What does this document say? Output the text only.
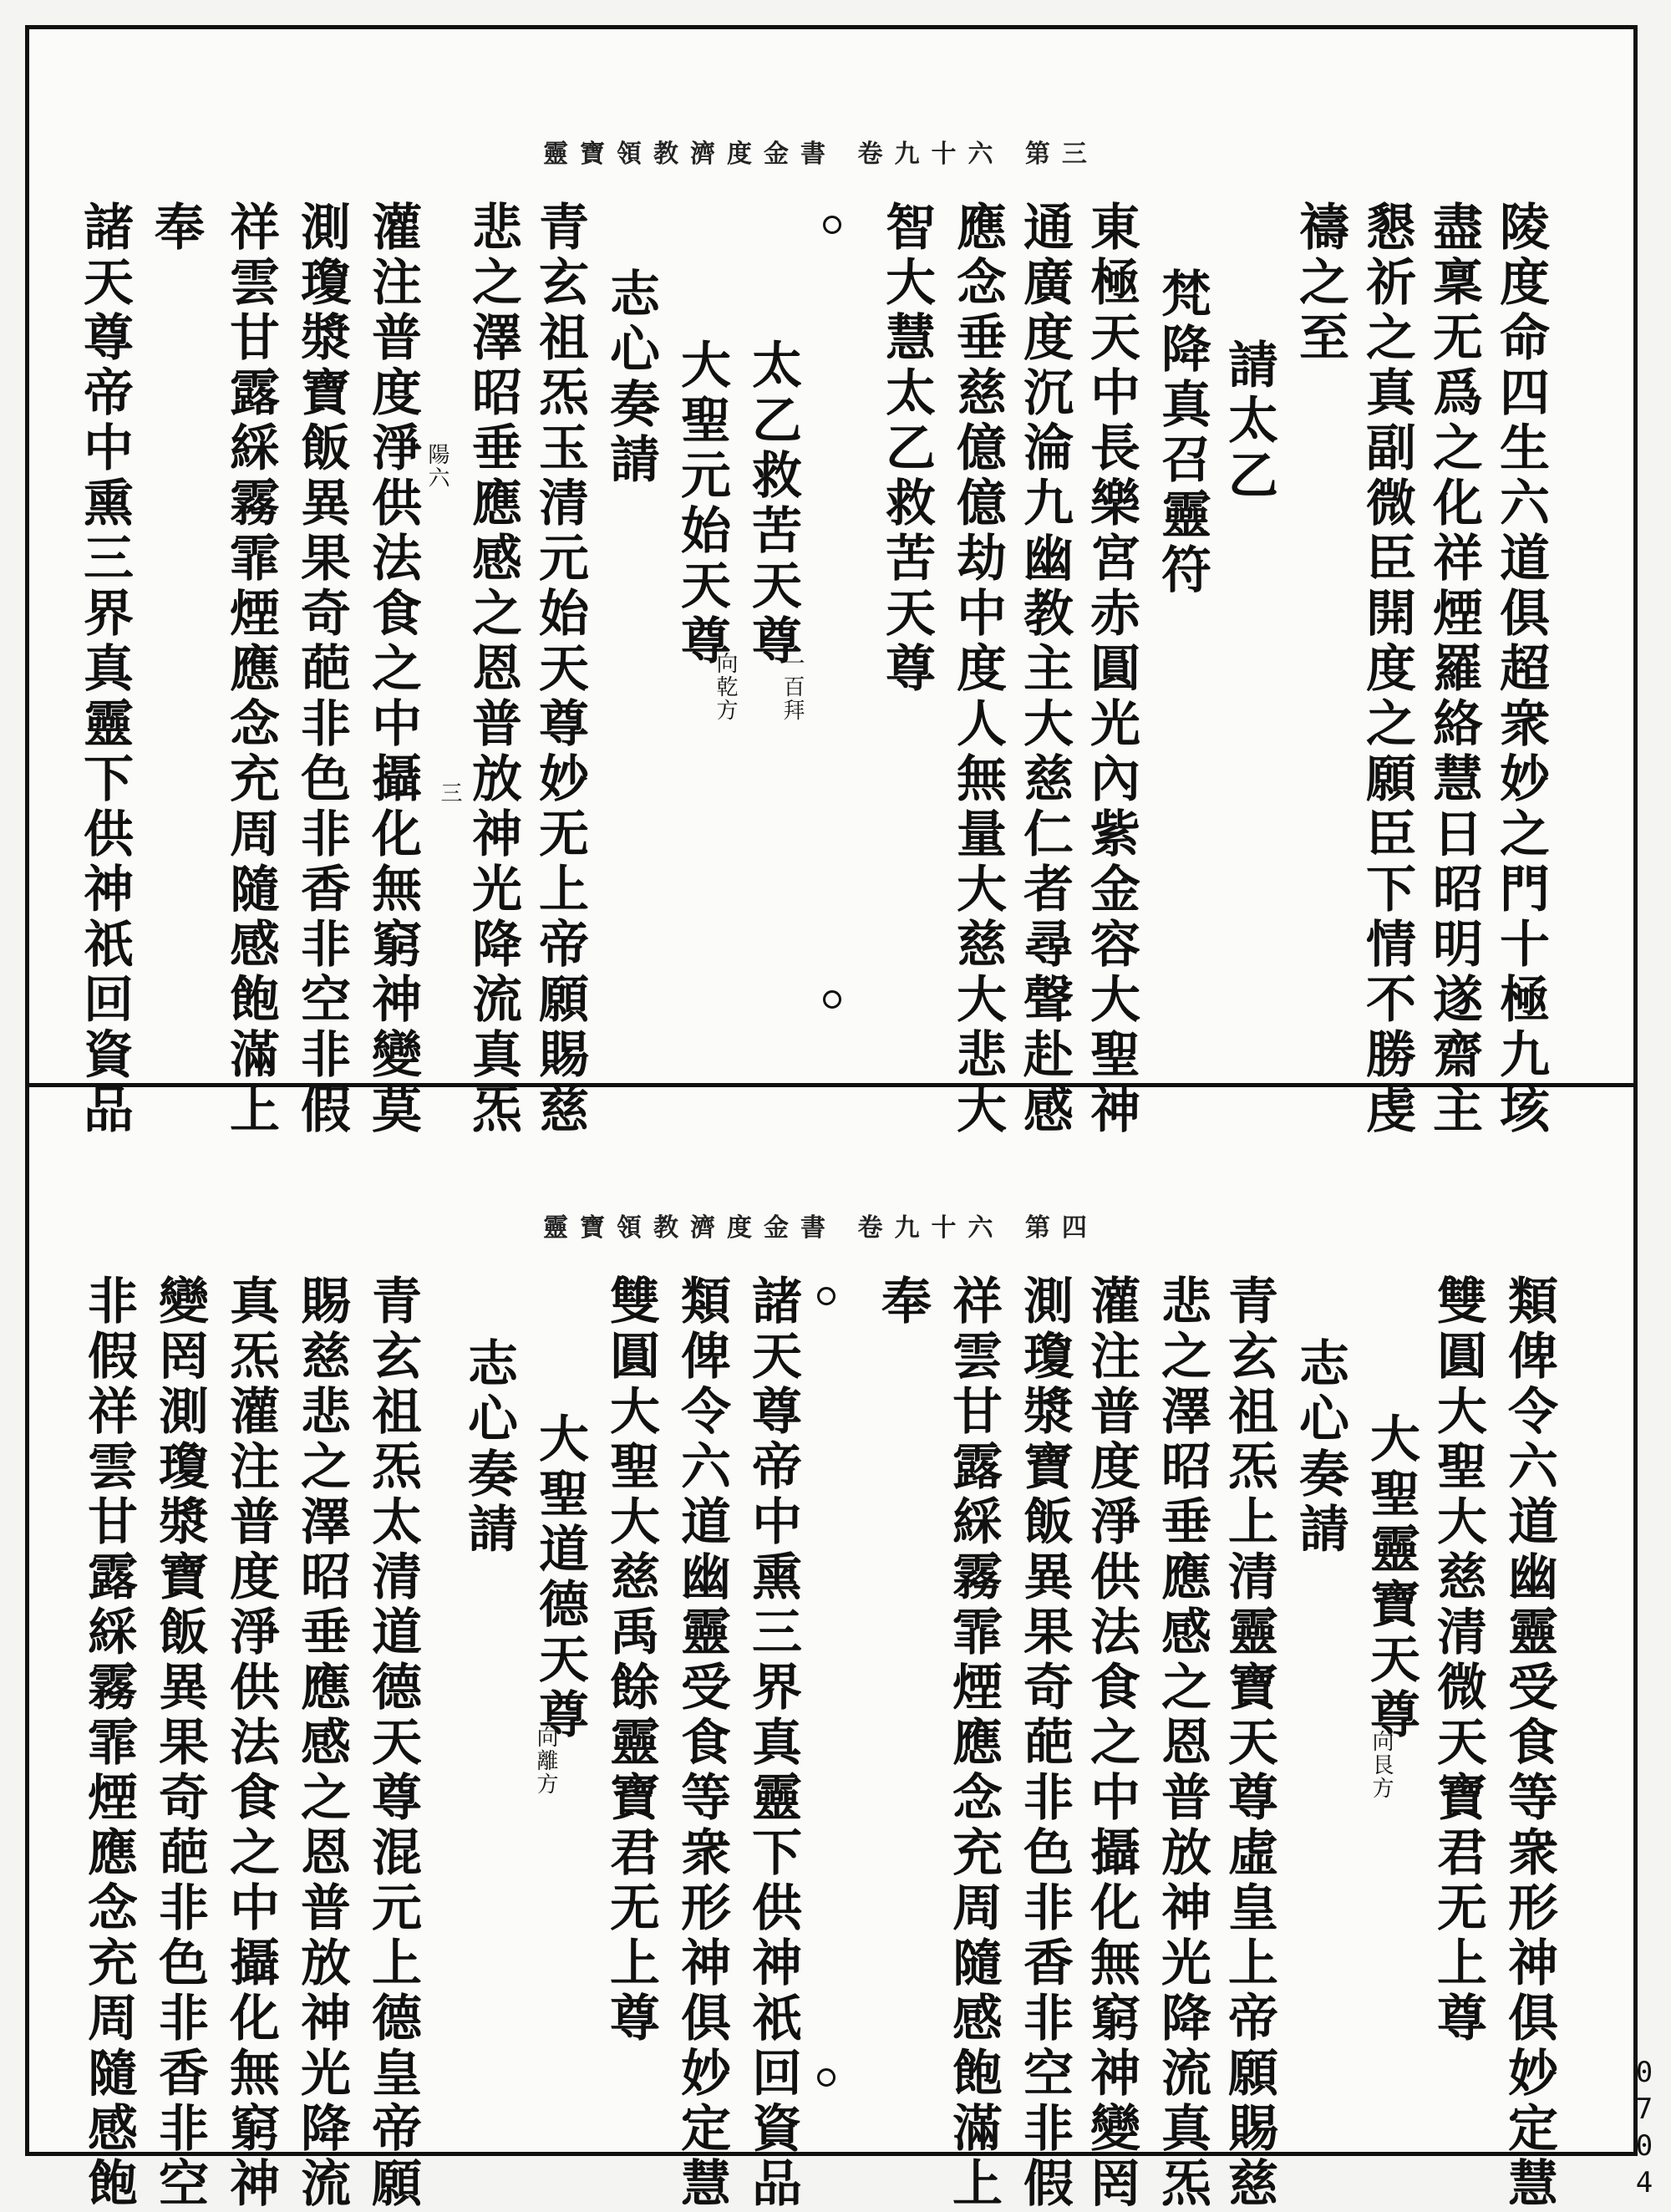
靈寶領教濟度金書 卷九十六 第三
陵度命四生六道俱超衆妙之門十極九垓
盡稟无爲之化祥煙羅絡慧日昭明遂齋主
懇祈之真副微臣開度之願臣下情不勝虔
禱之至
請太乙
梵降真召靈符
東極天中長樂宮赤圓光內紫金容大聖神
通廣度沉淪九幽教主大慈仁者尋聲赴感
應念垂慈億億劫中度人無量大慈大悲大
智大慧太乙救苦天尊
太乙救苦天尊
一百拜
大聖元始天尊
向乾方
志心奏請
青玄祖炁玉清元始天尊妙无上帝願賜慈
悲之澤昭垂應感之恩普放神光降流真炁
三
灌注普度淨供法食之中攝化無窮神變莫 陽六
測瓊漿寶飯異果奇葩非色非香非空非假
祥雲甘露綵霧霏煙應念充周隨感飽滿上
奉
諸天尊帝中熏三界真靈下供神祇回資品
靈寶領教濟度金書 卷九十六 第四
類俾令六道幽靈受食等衆形神俱妙定慧
雙圓大聖大慈清微天寶君无上尊
大聖靈寶天尊
向艮方
志心奏請
青玄祖炁上清靈寶天尊虛皇上帝願賜慈
悲之澤昭垂應感之恩普放神光降流真炁
灌注普度淨供法食之中攝化無窮神變罔
測瓊漿寶飯異果奇葩非色非香非空非假
祥雲甘露綵霧霏煙應念充周隨感飽滿上
奉
諸天尊帝中熏三界真靈下供神祇回資品
類俾令六道幽靈受食等衆形神俱妙定慧
雙圓大聖大慈禹餘靈寶君无上尊
大聖道德天尊
向離方
志心奏請
青玄祖炁太清道德天尊混元上德皇帝願
賜慈悲之澤昭垂應感之恩普放神光降流
真炁灌注普度淨供法食之中攝化無窮神
變罔測瓊漿寶飯異果奇葩非色非香非空
非假祥雲甘露綵霧霏煙應念充周隨感飽	0704
